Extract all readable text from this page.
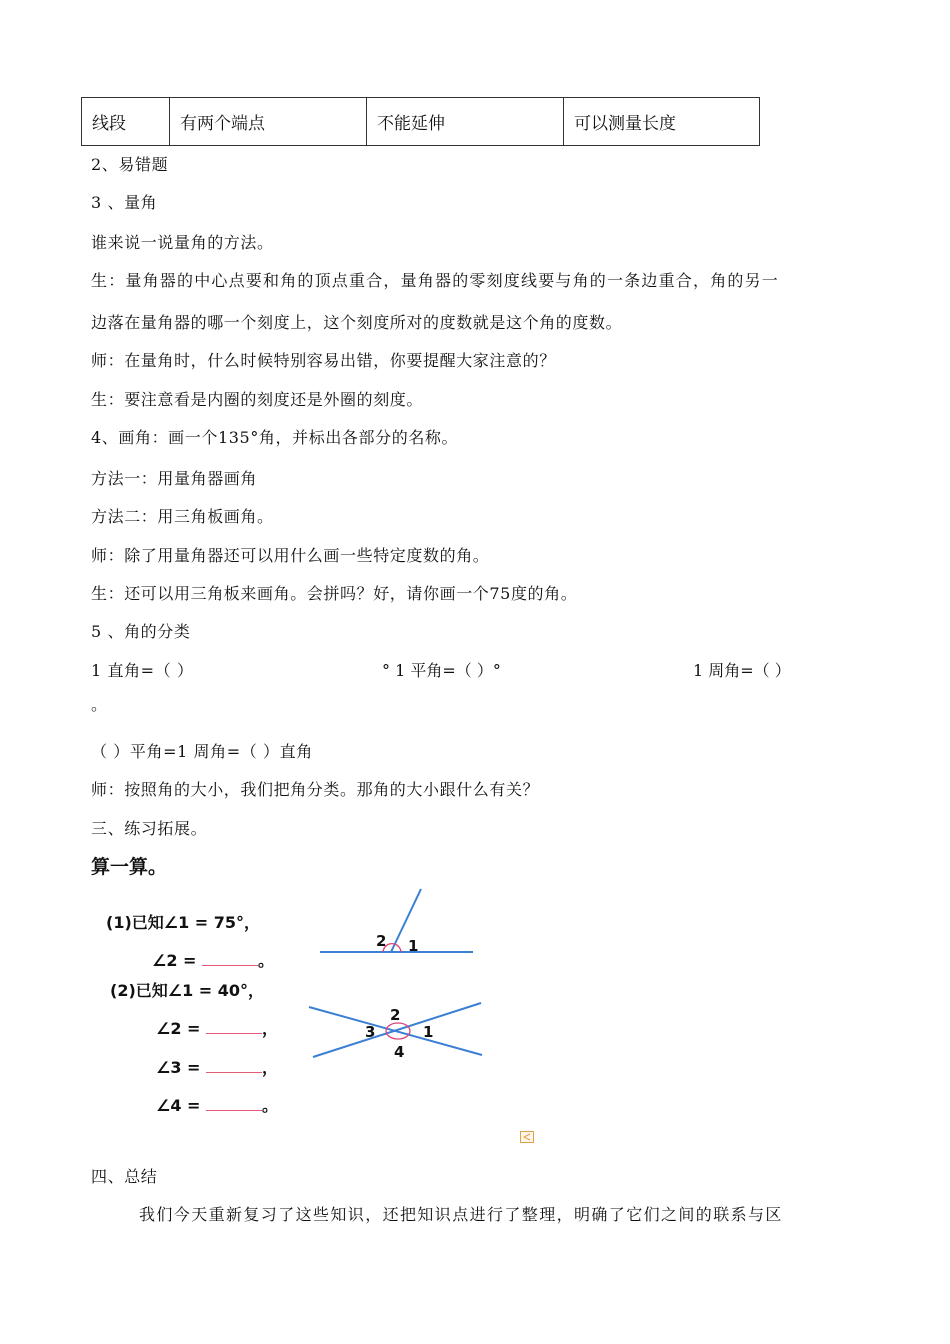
线段	有两个端点	不能延伸	可以测量长度
2、易错题
3 、量角
谁来说一说量角的方法。
生：量角器的中心点要和角的顶点重合，量角器的零刻度线要与角的一条边重合，角的另一
边落在量角器的哪一个刻度上，这个刻度所对的度数就是这个角的度数。
师：在量角时，什么时候特别容易出错，你要提醒大家注意的？
生：要注意看是内圈的刻度还是外圈的刻度。
4、画角：画一个135°角，并标出各部分的名称。
方法一：用量角器画角
方法二：用三角板画角。
师：除了用量角器还可以用什么画一些特定度数的角。
生：还可以用三角板来画角。会拼吗？好，请你画一个75度的角。
5 、角的分类
1 直角=（ ）	° 1 平角=（ ）°	1 周角=（ ）
。
（ ）平角=1 周角=（ ）直角
师：按照角的大小，我们把角分类。那角的大小跟什么有关？
三、练习拓展。
算一算。
(1)已知∠1 = 75°，
∠2 =	。
(2)已知∠1 = 40°，
∠2 =	，
∠3 =	，
∠4 =	。
2 1
2
3	1
4
四、总结
我们今天重新复习了这些知识，还把知识点进行了整理，明确了它们之间的联系与区
